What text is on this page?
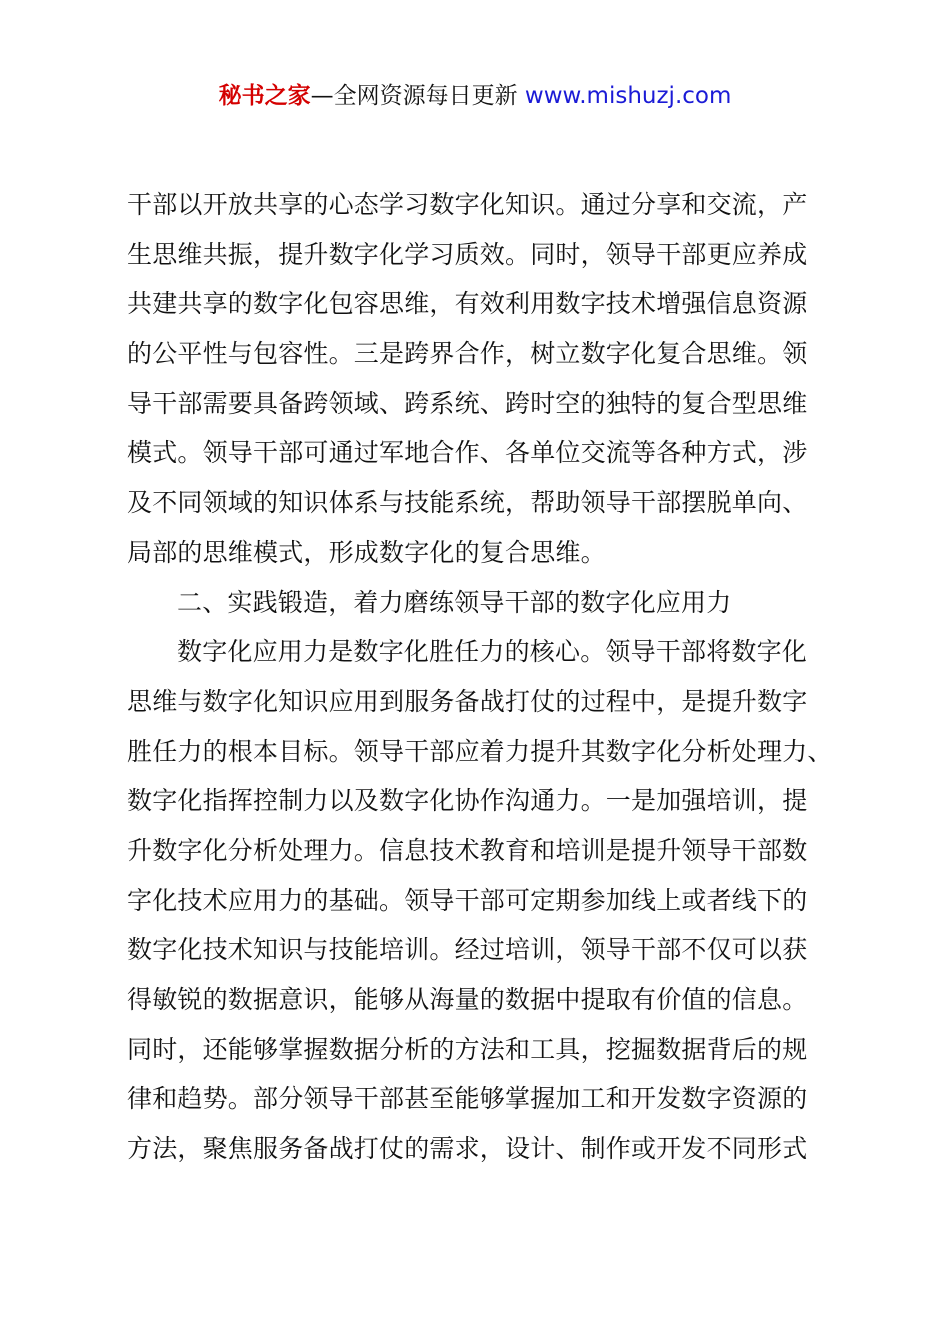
秘书之家—全网资源每日更新 www.mishuzj.com
干部以开放共享的心态学习数字化知识。通过分享和交流，产
生思维共振，提升数字化学习质效。同时，领导干部更应养成
共建共享的数字化包容思维，有效利用数字技术增强信息资源
的公平性与包容性。三是跨界合作，树立数字化复合思维。领
导干部需要具备跨领域、跨系统、跨时空的独特的复合型思维
模式。领导干部可通过军地合作、各单位交流等各种方式，涉
及不同领域的知识体系与技能系统，帮助领导干部摆脱单向、
局部的思维模式，形成数字化的复合思维。
二、实践锻造，着力磨练领导干部的数字化应用力
数字化应用力是数字化胜任力的核心。领导干部将数字化
思维与数字化知识应用到服务备战打仗的过程中，是提升数字
胜任力的根本目标。领导干部应着力提升其数字化分析处理力、
数字化指挥控制力以及数字化协作沟通力。一是加强培训，提
升数字化分析处理力。信息技术教育和培训是提升领导干部数
字化技术应用力的基础。领导干部可定期参加线上或者线下的
数字化技术知识与技能培训。经过培训，领导干部不仅可以获
得敏锐的数据意识，能够从海量的数据中提取有价值的信息。
同时，还能够掌握数据分析的方法和工具，挖掘数据背后的规
律和趋势。部分领导干部甚至能够掌握加工和开发数字资源的
方法，聚焦服务备战打仗的需求，设计、制作或开发不同形式
